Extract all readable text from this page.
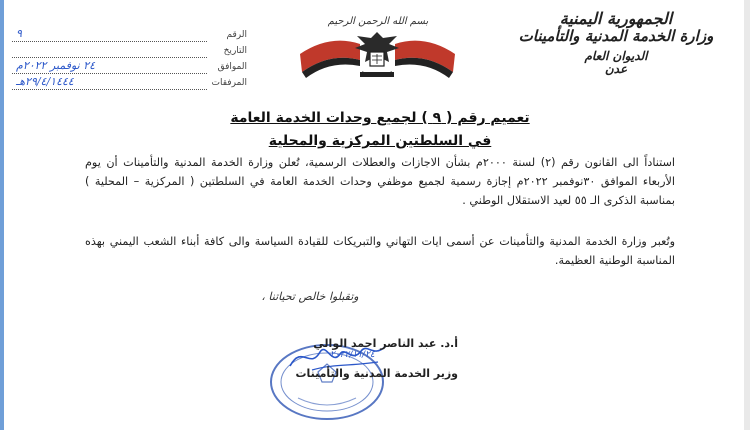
الجمهورية اليمنية
وزارة الخدمة المدنية والتأمينات
الديوان العام
عدن
بسم الله الرحمن الرحيم
الرقم
٩
التاريخ
الموافق
٢٤ نوفمبر ٢٠٢٢م
المرفقات
٢٩/٤/١٤٤٤هـ
تعميم رقم ( ٩ ) لجميع وحدات الخدمة العامة
في السلطتين المركزية والمحلية
استناداً الى القانون رقم (٢) لسنة ٢٠٠٠م بشأن الاجازات والعطلات الرسمية، تُعلن وزارة الخدمة المدنية والتأمينات أن يوم الأربعاء الموافق ٣٠نوفمبر ٢٠٢٢م إجازة رسمية لجميع موظفي وحدات الخدمة العامة في السلطتين ( المركزية – المحلية ) بمناسبة الذكرى الـ ٥٥ لعيد الاستقلال الوطني .
وتُعبر وزارة الخدمة المدنية والتأمينات عن أسمى ايات التهاني والتبريكات للقيادة السياسة والى كافة أبناء الشعب اليمني بهذه المناسبة الوطنية العظيمة.
وتقبلوا خالص تحياتنا ،
٢٠٢٢/١١/٢٤
أ.د. عبد الناصر احمد الوالي
وزير الخدمة المدنية والتأمينات
